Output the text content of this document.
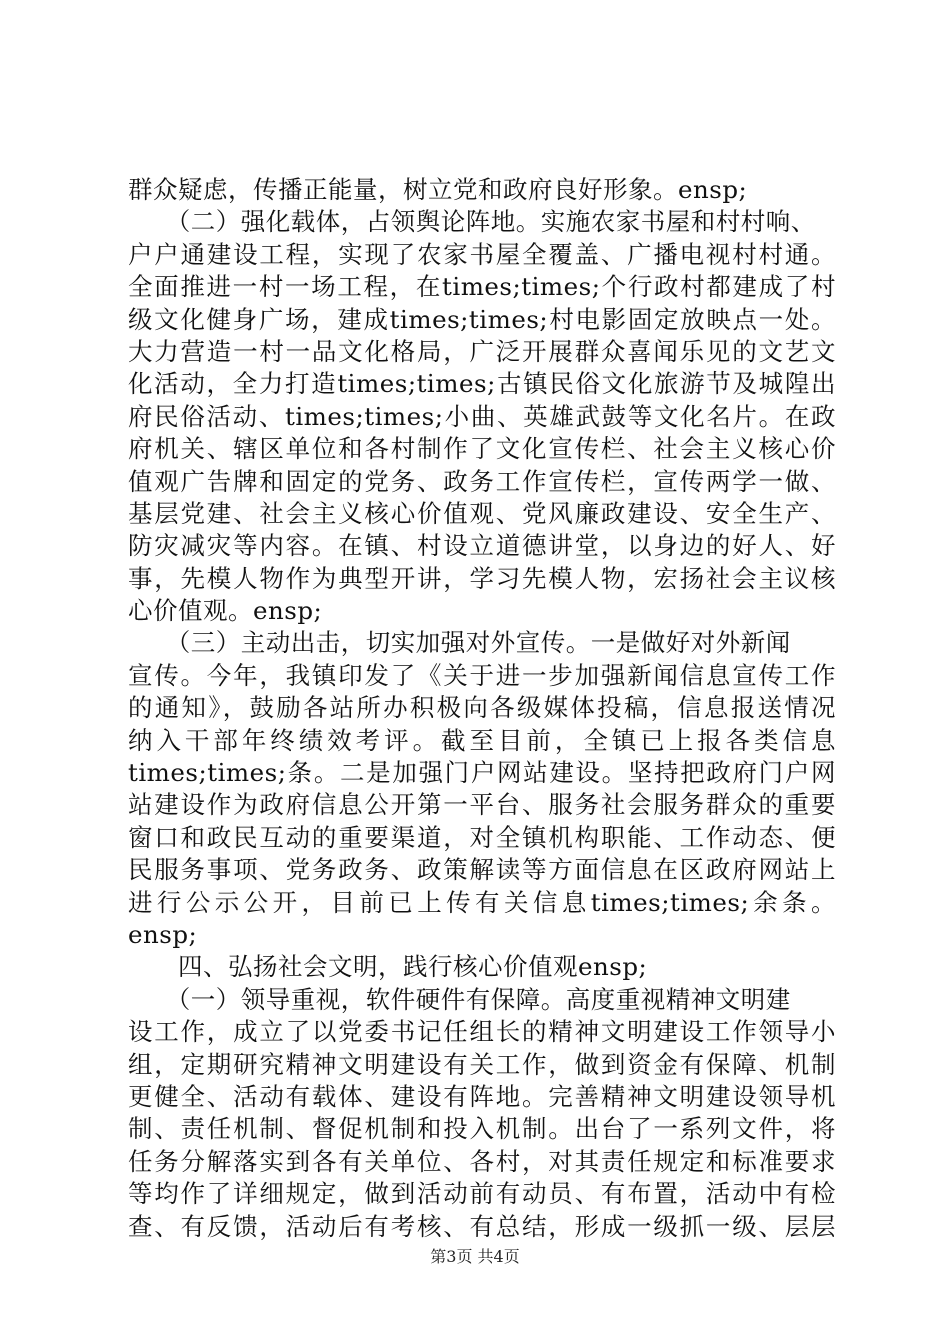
群众疑虑，传播正能量，树立党和政府良好形象。ensp;
　　（二）强化载体，占领舆论阵地。实施农家书屋和村村响、
户户通建设工程，实现了农家书屋全覆盖、广播电视村村通。
全面推进一村一场工程，在times;times;个行政村都建成了村
级文化健身广场，建成times;times;村电影固定放映点一处。
大力营造一村一品文化格局，广泛开展群众喜闻乐见的文艺文
化活动，全力打造times;times;古镇民俗文化旅游节及城隍出
府民俗活动、times;times;小曲、英雄武鼓等文化名片。在政
府机关、辖区单位和各村制作了文化宣传栏、社会主义核心价
值观广告牌和固定的党务、政务工作宣传栏，宣传两学一做、
基层党建、社会主义核心价值观、党风廉政建设、安全生产、
防灾减灾等内容。在镇、村设立道德讲堂，以身边的好人、好
事，先模人物作为典型开讲，学习先模人物，宏扬社会主议核
心价值观。ensp;
　　（三）主动出击，切实加强对外宣传。一是做好对外新闻
宣传。今年，我镇印发了《关于进一步加强新闻信息宣传工作
的通知》，鼓励各站所办积极向各级媒体投稿，信息报送情况
纳入干部年终绩效考评。截至目前，全镇已上报各类信息
times;times;条。二是加强门户网站建设。坚持把政府门户网
站建设作为政府信息公开第一平台、服务社会服务群众的重要
窗口和政民互动的重要渠道，对全镇机构职能、工作动态、便
民服务事项、党务政务、政策解读等方面信息在区政府网站上
进行公示公开，目前已上传有关信息times;times;余条。
ensp;
　　四、弘扬社会文明，践行核心价值观ensp;
　　（一）领导重视，软件硬件有保障。高度重视精神文明建
设工作，成立了以党委书记任组长的精神文明建设工作领导小
组，定期研究精神文明建设有关工作，做到资金有保障、机制
更健全、活动有载体、建设有阵地。完善精神文明建设领导机
制、责任机制、督促机制和投入机制。出台了一系列文件，将
任务分解落实到各有关单位、各村，对其责任规定和标准要求
等均作了详细规定，做到活动前有动员、有布置，活动中有检
查、有反馈，活动后有考核、有总结，形成一级抓一级、层层
第3页 共4页
